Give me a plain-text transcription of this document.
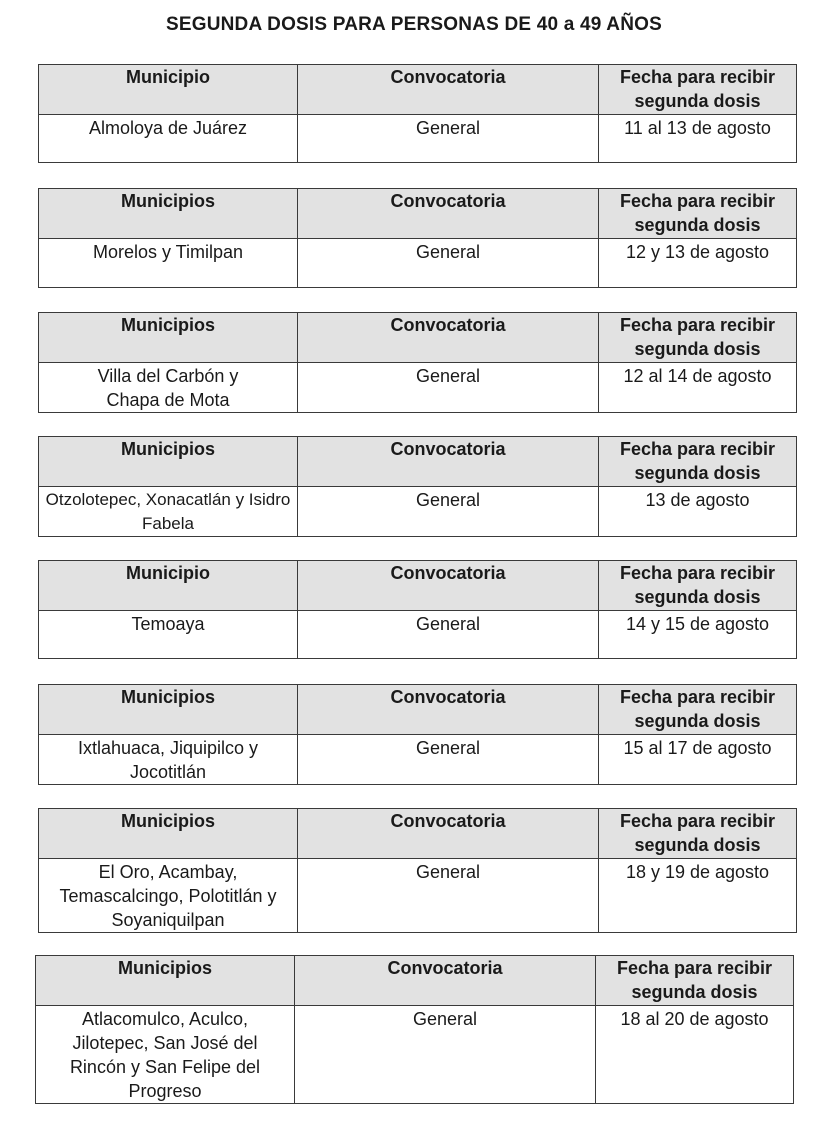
SEGUNDA DOSIS PARA PERSONAS DE 40 a 49 AÑOS
Municipio	Convocatoria	Fecha para recibir segunda dosis
Almoloya de Juárez	General	11 al 13 de agosto
Municipios	Convocatoria	Fecha para recibir segunda dosis
Morelos y Timilpan	General	12 y 13 de agosto
Municipios	Convocatoria	Fecha para recibir segunda dosis
Villa del Carbón y Chapa de Mota	General	12 al 14 de agosto
Municipios	Convocatoria	Fecha para recibir segunda dosis
Otzolotepec, Xonacatlán y Isidro Fabela	General	13 de agosto
Municipio	Convocatoria	Fecha para recibir segunda dosis
Temoaya	General	14 y 15 de agosto
Municipios	Convocatoria	Fecha para recibir segunda dosis
Ixtlahuaca, Jiquipilco y Jocotitlán	General	15 al 17 de agosto
Municipios	Convocatoria	Fecha para recibir segunda dosis
El Oro, Acambay, Temascalcingo, Polotitlán y Soyaniquilpan	General	18 y 19 de agosto
Municipios	Convocatoria	Fecha para recibir segunda dosis
Atlacomulco, Aculco, Jilotepec, San José del Rincón y San Felipe del Progreso	General	18 al 20 de agosto
